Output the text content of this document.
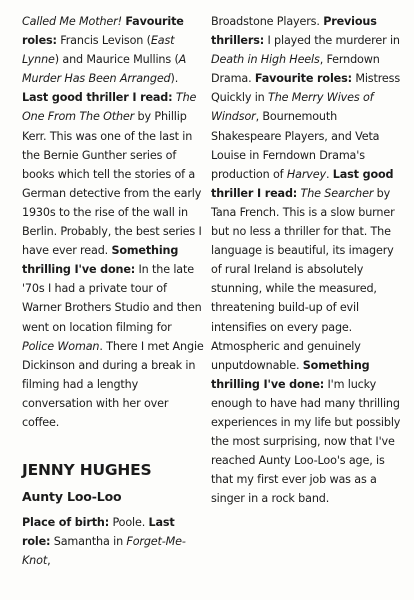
Called Me Mother! Favourite roles: Francis Levison (East Lynne) and Maurice Mullins (A Murder Has Been Arranged). Last good thriller I read: The One From The Other by Phillip Kerr. This was one of the last in the Bernie Gunther series of books which tell the stories of a German detective from the early 1930s to the rise of the wall in Berlin. Probably, the best series I have ever read. Something thrilling I've done: In the late '70s I had a private tour of Warner Brothers Studio and then went on location filming for Police Woman. There I met Angie Dickinson and during a break in filming had a lengthy conversation with her over coffee.

JENNY HUGHES

Aunty Loo-Loo

Place of birth: Poole. Last role: Samantha in Forget-Me-Knot,

Broadstone Players. Previous thrillers: I played the murderer in Death in High Heels, Ferndown Drama. Favourite roles: Mistress Quickly in The Merry Wives of Windsor, Bournemouth Shakespeare Players, and Veta Louise in Ferndown Drama's production of Harvey. Last good thriller I read: The Searcher by Tana French. This is a slow burner but no less a thriller for that. The language is beautiful, its imagery of rural Ireland is absolutely stunning, while the measured, threatening build-up of evil intensifies on every page. Atmospheric and genuinely unputdownable. Something thrilling I've done: I'm lucky enough to have had many thrilling experiences in my life but possibly the most surprising, now that I've reached Aunty Loo-Loo's age, is that my first ever job was as a singer in a rock band.
